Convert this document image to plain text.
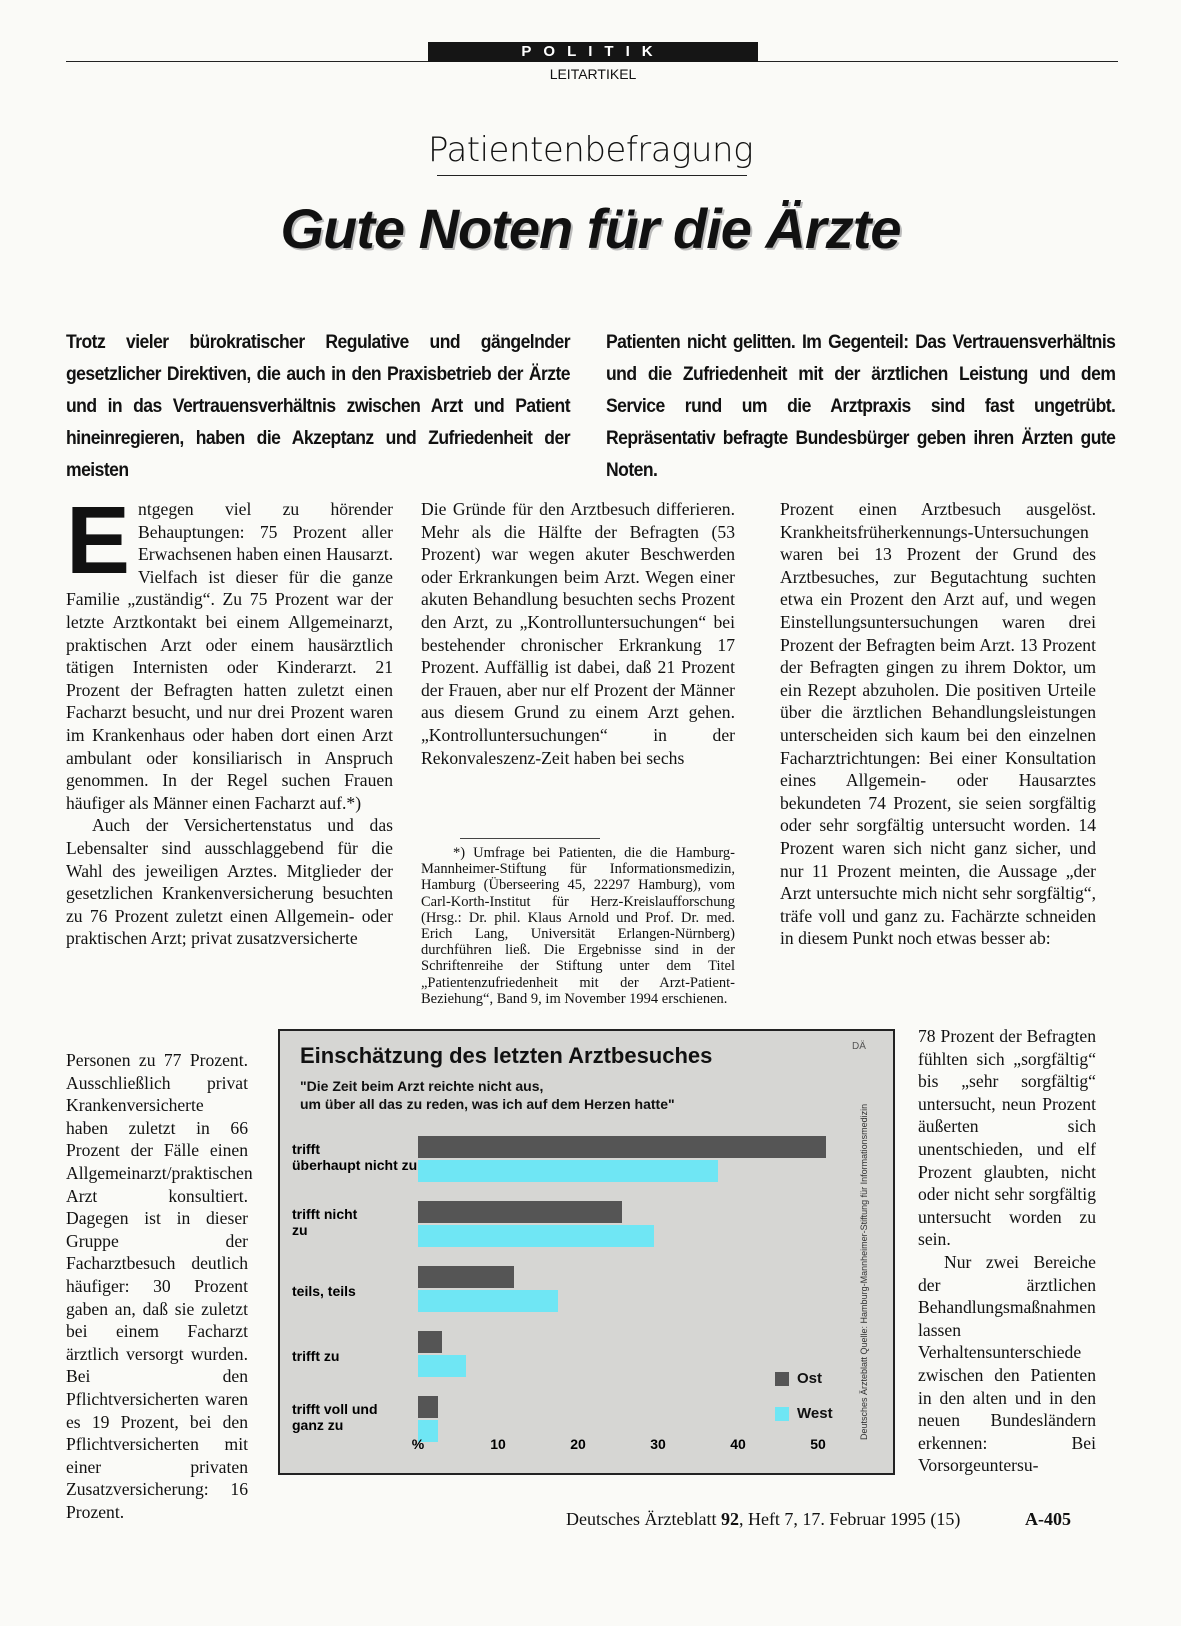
POLITIK
LEITARTIKEL
Patientenbefragung
Gute Noten für die Ärzte
Trotz vieler bürokratischer Regulative und gängelnder gesetzlicher Direktiven, die auch in den Praxisbetrieb der Ärzte und in das Vertrauensverhältnis zwischen Arzt und Patient hineinregieren, haben die Akzeptanz und Zufriedenheit der meisten
Patienten nicht gelitten. Im Gegenteil: Das Vertrauensverhältnis und die Zufriedenheit mit der ärztlichen Leistung und dem Service rund um die Arztpraxis sind fast ungetrübt. Repräsentativ befragte Bundesbürger geben ihren Ärzten gute Noten.

Entgegen viel zu hörender Behauptungen: 75 Prozent aller Erwachsenen haben einen Hausarzt. Vielfach ist dieser für die ganze Familie „zuständig“. Zu 75 Prozent war der letzte Arztkontakt bei einem Allgemeinarzt, praktischen Arzt oder einem hausärztlich tätigen Internisten oder Kinderarzt. 21 Prozent der Befragten hatten zuletzt einen Facharzt besucht, und nur drei Prozent waren im Krankenhaus oder haben dort einen Arzt ambulant oder konsiliarisch in Anspruch genommen. In der Regel suchen Frauen häufiger als Männer einen Facharzt auf.*)

Auch der Versichertenstatus und das Lebensalter sind ausschlaggebend für die Wahl des jeweiligen Arztes. Mitglieder der gesetzlichen Krankenversicherung besuchten zu 76 Prozent zuletzt einen Allgemein- oder praktischen Arzt; privat zusatzversicherte

Personen zu 77 Prozent. Ausschließlich privat Krankenversicherte haben zuletzt in 66 Prozent der Fälle einen Allgemeinarzt/praktischen Arzt konsultiert. Dagegen ist in dieser Gruppe der Facharztbesuch deutlich häufiger: 30 Prozent gaben an, daß sie zuletzt bei einem Facharzt ärztlich versorgt wurden. Bei den Pflichtversicherten waren es 19 Prozent, bei den Pflichtversicherten mit einer privaten Zusatzversicherung: 16 Prozent.

Die Gründe für den Arztbesuch differieren. Mehr als die Hälfte der Befragten (53 Prozent) war wegen akuter Beschwerden oder Erkrankungen beim Arzt. Wegen einer akuten Behandlung besuchten sechs Prozent den Arzt, zu „Kontrolluntersuchungen“ bei bestehender chronischer Erkrankung 17 Prozent. Auffällig ist dabei, daß 21 Prozent der Frauen, aber nur elf Prozent der Männer aus diesem Grund zu einem Arzt gehen. „Kontrolluntersuchungen“ in der Rekonvaleszenz-Zeit haben bei sechs

*) Umfrage bei Patienten, die die Hamburg-Mannheimer-Stiftung für Informationsmedizin, Hamburg (Überseering 45, 22297 Hamburg), vom Carl-Korth-Institut für Herz-Kreislaufforschung (Hrsg.: Dr. phil. Klaus Arnold und Prof. Dr. med. Erich Lang, Universität Erlangen-Nürnberg) durchführen ließ. Die Ergebnisse sind in der Schriftenreihe der Stiftung unter dem Titel „Patientenzufriedenheit mit der Arzt-Patient-Beziehung“, Band 9, im November 1994 erschienen.

Prozent einen Arztbesuch ausgelöst. Krankheitsfrüherkennungs-Untersuchungen waren bei 13 Prozent der Grund des Arztbesuches, zur Begutachtung suchten etwa ein Prozent den Arzt auf, und wegen Einstellungsuntersuchungen waren drei Prozent der Befragten beim Arzt. 13 Prozent der Befragten gingen zu ihrem Doktor, um ein Rezept abzuholen. Die positiven Urteile über die ärztlichen Behandlungsleistungen unterscheiden sich kaum bei den einzelnen Facharztrichtungen: Bei einer Konsultation eines Allgemein- oder Hausarztes bekundeten 74 Prozent, sie seien sorgfältig oder sehr sorgfältig untersucht worden. 14 Prozent waren sich nicht ganz sicher, und nur 11 Prozent meinten, die Aussage „der Arzt untersuchte mich nicht sehr sorgfältig“, träfe voll und ganz zu. Fachärzte schneiden in diesem Punkt noch etwas besser ab:

78 Prozent der Befragten fühlten sich „sorgfältig“ bis „sehr sorgfältig“ untersucht, neun Prozent äußerten sich unentschieden, und elf Prozent glaubten, nicht oder nicht sehr sorgfältig untersucht worden zu sein.

Nur zwei Bereiche der ärztlichen Behandlungsmaßnahmen lassen Verhaltensunterschiede zwischen den Patienten in den alten und in den neuen Bundesländern erkennen: Bei Vorsorgeuntersu-

Einschätzung des letzten Arztbesuches
"Die Zeit beim Arzt reichte nicht aus,
um über all das zu reden, was ich auf dem Herzen hatte"
DÄ
Deutsches Ärzteblatt Quelle: Hamburg-Mannheimer-Stiftung für Informationsmedizin
trifft überhaupt nicht zu
trifft nicht zu
teils, teils
trifft zu
trifft voll und ganz zu
%	10	20	30	40	50
Ost
West
Deutsches Ärzteblatt 92, Heft 7, 17. Februar 1995 (15)	A-405
